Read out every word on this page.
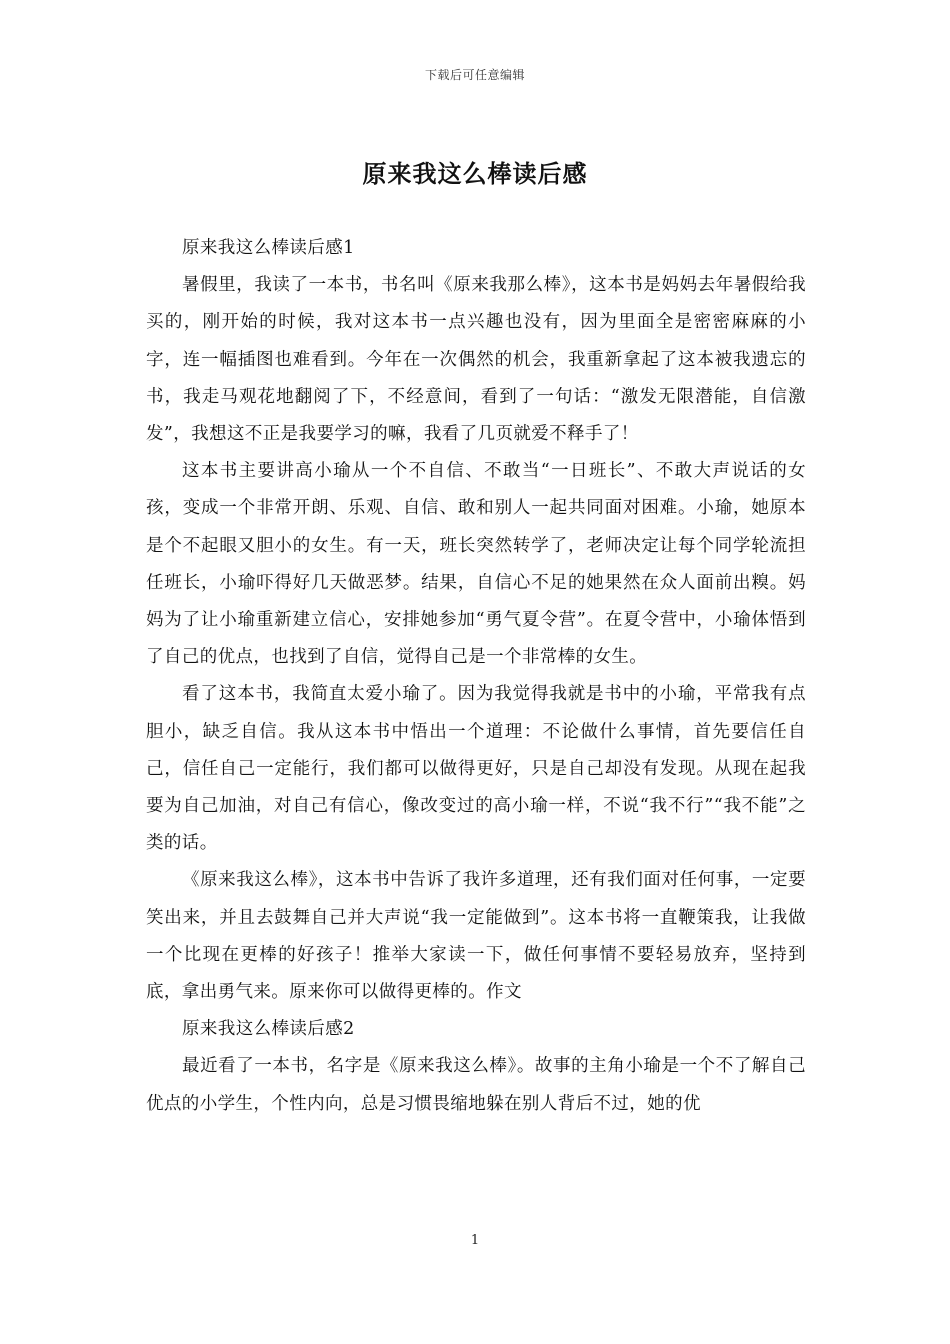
下载后可任意编辑
原来我这么棒读后感

原来我这么棒读后感1

暑假里，我读了一本书，书名叫《原来我那么棒》，这本书是妈妈去年暑假给我买的，刚开始的时候，我对这本书一点兴趣也没有，因为里面全是密密麻麻的小字，连一幅插图也难看到。今年在一次偶然的机会，我重新拿起了这本被我遗忘的书，我走马观花地翻阅了下，不经意间，看到了一句话：“激发无限潜能，自信激发”，我想这不正是我要学习的嘛，我看了几页就爱不释手了！

这本书主要讲高小瑜从一个不自信、不敢当“一日班长”、不敢大声说话的女孩，变成一个非常开朗、乐观、自信、敢和别人一起共同面对困难。小瑜，她原本是个不起眼又胆小的女生。有一天，班长突然转学了，老师决定让每个同学轮流担任班长，小瑜吓得好几天做恶梦。结果，自信心不足的她果然在众人面前出糗。妈妈为了让小瑜重新建立信心，安排她参加“勇气夏令营”。在夏令营中，小瑜体悟到了自己的优点，也找到了自信，觉得自己是一个非常棒的女生。

看了这本书，我简直太爱小瑜了。因为我觉得我就是书中的小瑜，平常我有点胆小，缺乏自信。我从这本书中悟出一个道理：不论做什么事情，首先要信任自己，信任自己一定能行，我们都可以做得更好，只是自己却没有发现。从现在起我要为自己加油，对自己有信心，像改变过的高小瑜一样，不说“我不行”“我不能”之类的话。

《原来我这么棒》，这本书中告诉了我许多道理，还有我们面对任何事，一定要笑出来，并且去鼓舞自己并大声说“我一定能做到”。这本书将一直鞭策我，让我做一个比现在更棒的好孩子！推举大家读一下，做任何事情不要轻易放弃，坚持到底，拿出勇气来。原来你可以做得更棒的。作文

原来我这么棒读后感2

最近看了一本书，名字是《原来我这么棒》。故事的主角小瑜是一个不了解自己优点的小学生，个性内向，总是习惯畏缩地躲在别人背后不过，她的优

1
